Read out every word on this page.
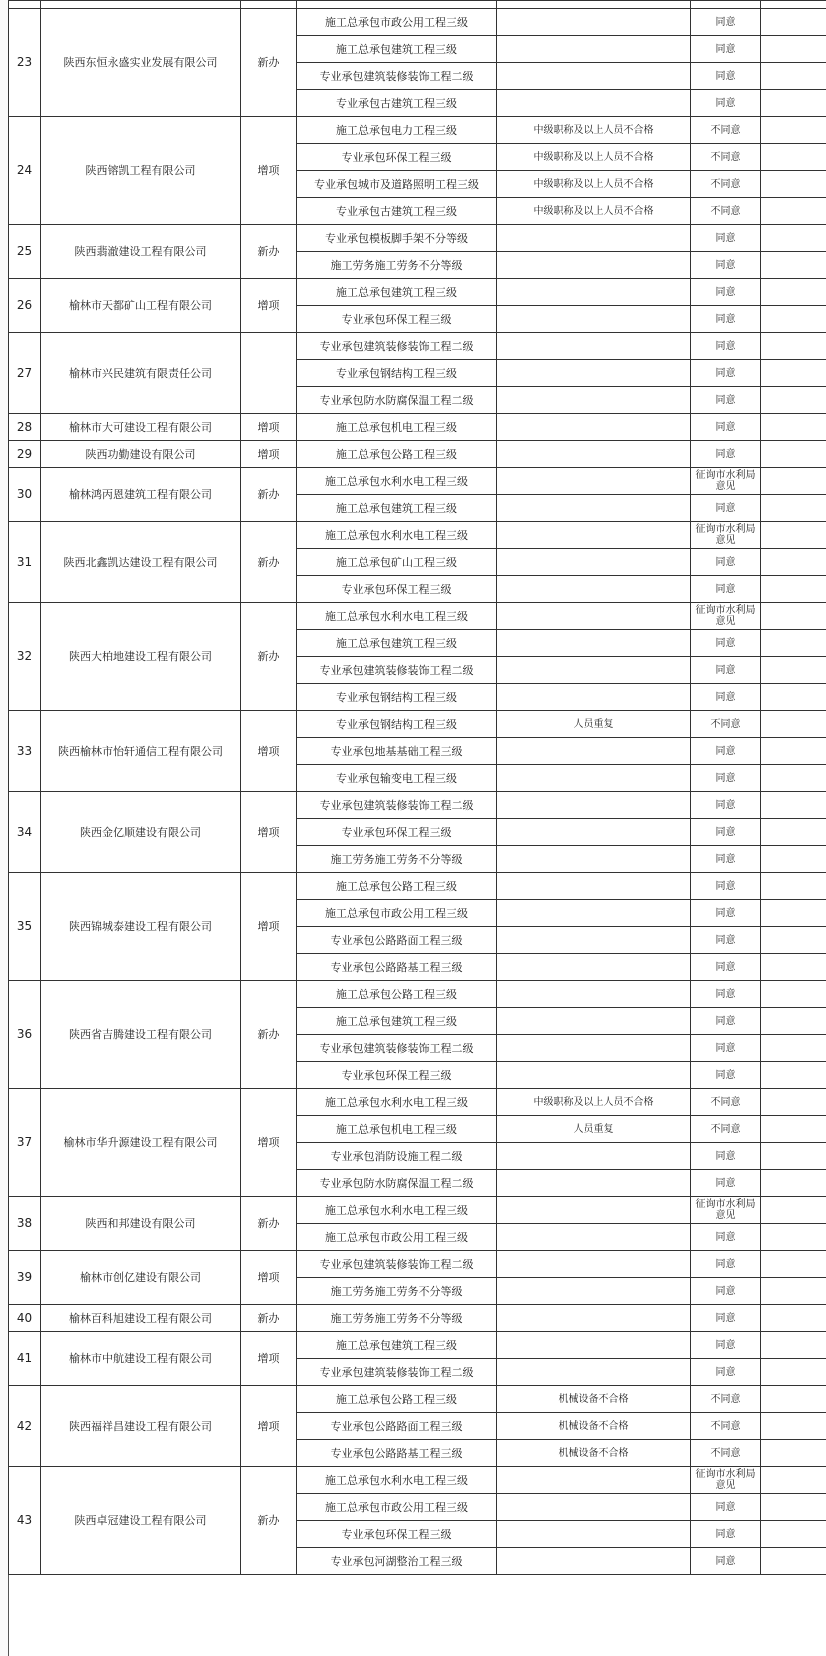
23	陕西东恒永盛实业发展有限公司	新办	施工总承包市政公用工程三级		同意	
			施工总承包建筑工程三级		同意	
			专业承包建筑装修装饰工程二级		同意	
			专业承包古建筑工程三级		同意	
24	陕西镕凯工程有限公司	增项	施工总承包电力工程三级	中级职称及以上人员不合格	不同意	
			专业承包环保工程三级	中级职称及以上人员不合格	不同意	
			专业承包城市及道路照明工程三级	中级职称及以上人员不合格	不同意	
			专业承包古建筑工程三级	中级职称及以上人员不合格	不同意	
25	陕西翡澈建设工程有限公司	新办	专业承包模板脚手架不分等级		同意	
			施工劳务施工劳务不分等级		同意	
26	榆林市天都矿山工程有限公司	增项	施工总承包建筑工程三级		同意	
			专业承包环保工程三级		同意	
27	榆林市兴民建筑有限责任公司		专业承包建筑装修装饰工程二级		同意	
			专业承包钢结构工程三级		同意	
			专业承包防水防腐保温工程二级		同意	
28	榆林市大可建设工程有限公司	增项	施工总承包机电工程三级		同意	
29	陕西功勤建设有限公司	增项	施工总承包公路工程三级		同意	
30	榆林鸿丙恩建筑工程有限公司	新办	施工总承包水利水电工程三级		征询市水利局意见	
			施工总承包建筑工程三级		同意	
31	陕西北鑫凯达建设工程有限公司	新办	施工总承包水利水电工程三级		征询市水利局意见	
			施工总承包矿山工程三级		同意	
			专业承包环保工程三级		同意	
32	陕西大柏地建设工程有限公司	新办	施工总承包水利水电工程三级		征询市水利局意见	
			施工总承包建筑工程三级		同意	
			专业承包建筑装修装饰工程二级		同意	
			专业承包钢结构工程三级		同意	
33	陕西榆林市怡轩通信工程有限公司	增项	专业承包钢结构工程三级	人员重复	不同意	
			专业承包地基基础工程三级		同意	
			专业承包输变电工程三级		同意	
34	陕西金亿顺建设有限公司	增项	专业承包建筑装修装饰工程二级		同意	
			专业承包环保工程三级		同意	
			施工劳务施工劳务不分等级		同意	
35	陕西锦城泰建设工程有限公司	增项	施工总承包公路工程三级		同意	
			施工总承包市政公用工程三级		同意	
			专业承包公路路面工程三级		同意	
			专业承包公路路基工程三级		同意	
36	陕西省吉腾建设工程有限公司	新办	施工总承包公路工程三级		同意	
			施工总承包建筑工程三级		同意	
			专业承包建筑装修装饰工程二级		同意	
			专业承包环保工程三级		同意	
37	榆林市华升源建设工程有限公司	增项	施工总承包水利水电工程三级	中级职称及以上人员不合格	不同意	
			施工总承包机电工程三级	人员重复	不同意	
			专业承包消防设施工程二级		同意	
			专业承包防水防腐保温工程二级		同意	
38	陕西和邦建设有限公司	新办	施工总承包水利水电工程三级		征询市水利局意见	
			施工总承包市政公用工程三级		同意	
39	榆林市创亿建设有限公司	增项	专业承包建筑装修装饰工程二级		同意	
			施工劳务施工劳务不分等级		同意	
40	榆林百科旭建设工程有限公司	新办	施工劳务施工劳务不分等级		同意	
41	榆林市中航建设工程有限公司	增项	施工总承包建筑工程三级		同意	
			专业承包建筑装修装饰工程二级		同意	
42	陕西福祥昌建设工程有限公司	增项	施工总承包公路工程三级	机械设备不合格	不同意	
			专业承包公路路面工程三级	机械设备不合格	不同意	
			专业承包公路路基工程三级	机械设备不合格	不同意	
43	陕西卓冠建设工程有限公司	新办	施工总承包水利水电工程三级		征询市水利局意见	
			施工总承包市政公用工程三级		同意	
			专业承包环保工程三级		同意	
			专业承包河湖整治工程三级		同意	
